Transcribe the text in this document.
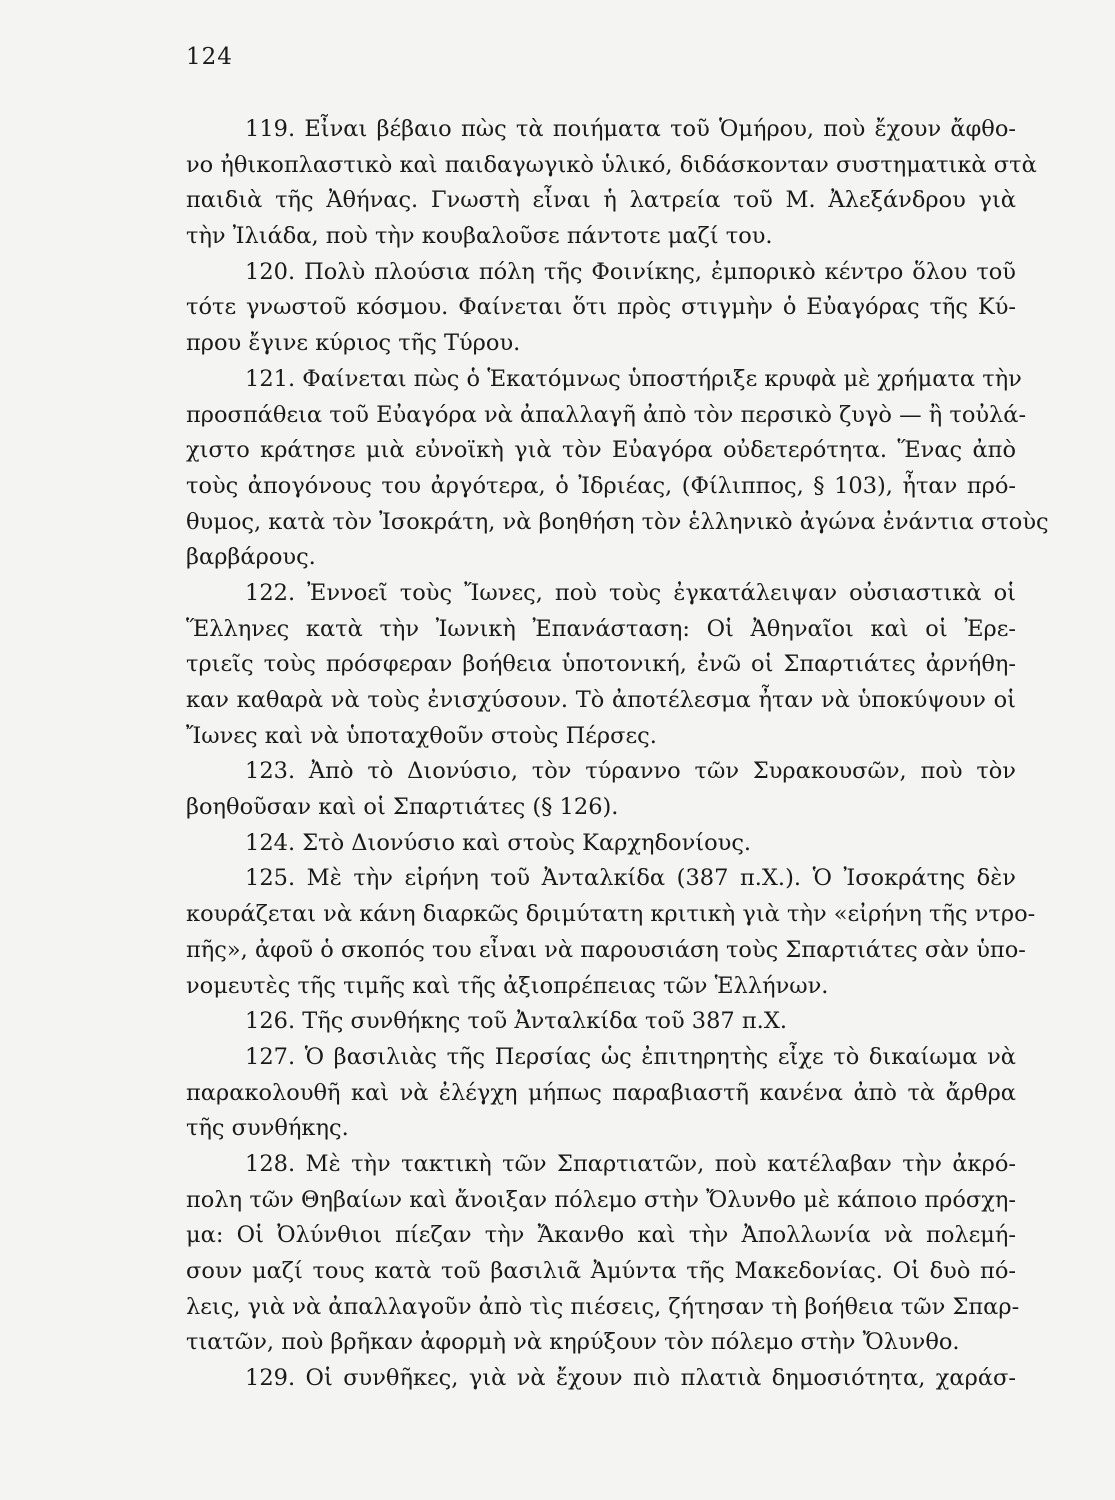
124
119. Εἶναι βέβαιο πὼς τὰ ποιήματα τοῦ Ὁμήρου, ποὺ ἔχουν ἄφθο-
νο ἠθικοπλαστικὸ καὶ παιδαγωγικὸ ὑλικό, διδάσκονταν συστηματικὰ στὰ
παιδιὰ τῆς Ἀθήνας. Γνωστὴ εἶναι ἡ λατρεία τοῦ Μ. Ἀλεξάνδρου γιὰ
τὴν Ἰλιάδα, ποὺ τὴν κουβαλοῦσε πάντοτε μαζί του.
120. Πολὺ πλούσια πόλη τῆς Φοινίκης, ἐμπορικὸ κέντρο ὅλου τοῦ
τότε γνωστοῦ κόσμου. Φαίνεται ὅτι πρὸς στιγμὴν ὁ Εὐαγόρας τῆς Κύ-
πρου ἔγινε κύριος τῆς Τύρου.
121. Φαίνεται πὼς ὁ Ἑκατόμνως ὑποστήριξε κρυφὰ μὲ χρήματα τὴν
προσπάθεια τοῦ Εὐαγόρα νὰ ἀπαλλαγῆ ἀπὸ τὸν περσικὸ ζυγὸ — ἢ τοὐλά-
χιστο κράτησε μιὰ εὐνοϊκὴ γιὰ τὸν Εὐαγόρα οὐδετερότητα. Ἕνας ἀπὸ
τοὺς ἀπογόνους του ἀργότερα, ὁ Ἰδριέας, (Φίλιππος, § 103), ἦταν πρό-
θυμος, κατὰ τὸν Ἰσοκράτη, νὰ βοηθήση τὸν ἑλληνικὸ ἀγώνα ἐνάντια στοὺς
βαρβάρους.
122. Ἐννοεῖ τοὺς Ἴωνες, ποὺ τοὺς ἐγκατάλειψαν οὐσιαστικὰ οἱ
Ἕλληνες κατὰ τὴν Ἰωνικὴ Ἐπανάσταση: Οἱ Ἀθηναῖοι καὶ οἱ Ἐρε-
τριεῖς τοὺς πρόσφεραν βοήθεια ὑποτονική, ἐνῶ οἱ Σπαρτιάτες ἀρνήθη-
καν καθαρὰ νὰ τοὺς ἐνισχύσουν. Τὸ ἀποτέλεσμα ἦταν νὰ ὑποκύψουν οἱ
Ἴωνες καὶ νὰ ὑποταχθοῦν στοὺς Πέρσες.
123. Ἀπὸ τὸ Διονύσιο, τὸν τύραννο τῶν Συρακουσῶν, ποὺ τὸν
βοηθοῦσαν καὶ οἱ Σπαρτιάτες (§ 126).
124. Στὸ Διονύσιο καὶ στοὺς Καρχηδονίους.
125. Μὲ τὴν εἰρήνη τοῦ Ἀνταλκίδα (387 π.Χ.). Ὁ Ἰσοκράτης δὲν
κουράζεται νὰ κάνη διαρκῶς δριμύτατη κριτικὴ γιὰ τὴν «εἰρήνη τῆς ντρο-
πῆς», ἀφοῦ ὁ σκοπός του εἶναι νὰ παρουσιάση τοὺς Σπαρτιάτες σὰν ὑπο-
νομευτὲς τῆς τιμῆς καὶ τῆς ἀξιοπρέπειας τῶν Ἑλλήνων.
126. Τῆς συνθήκης τοῦ Ἀνταλκίδα τοῦ 387 π.Χ.
127. Ὁ βασιλιὰς τῆς Περσίας ὡς ἐπιτηρητὴς εἶχε τὸ δικαίωμα νὰ
παρακολουθῆ καὶ νὰ ἐλέγχη μήπως παραβιαστῆ κανένα ἀπὸ τὰ ἄρθρα
τῆς συνθήκης.
128. Μὲ τὴν τακτικὴ τῶν Σπαρτιατῶν, ποὺ κατέλαβαν τὴν ἀκρό-
πολη τῶν Θηβαίων καὶ ἄνοιξαν πόλεμο στὴν Ὄλυνθο μὲ κάποιο πρόσχη-
μα: Οἱ Ὀλύνθιοι πίεζαν τὴν Ἄκανθο καὶ τὴν Ἀπολλωνία νὰ πολεμή-
σουν μαζί τους κατὰ τοῦ βασιλιᾶ Ἀμύντα τῆς Μακεδονίας. Οἱ δυὸ πό-
λεις, γιὰ νὰ ἀπαλλαγοῦν ἀπὸ τὶς πιέσεις, ζήτησαν τὴ βοήθεια τῶν Σπαρ-
τιατῶν, ποὺ βρῆκαν ἀφορμὴ νὰ κηρύξουν τὸν πόλεμο στὴν Ὄλυνθο.
129. Οἱ συνθῆκες, γιὰ νὰ ἔχουν πιὸ πλατιὰ δημοσιότητα, χαράσ-
